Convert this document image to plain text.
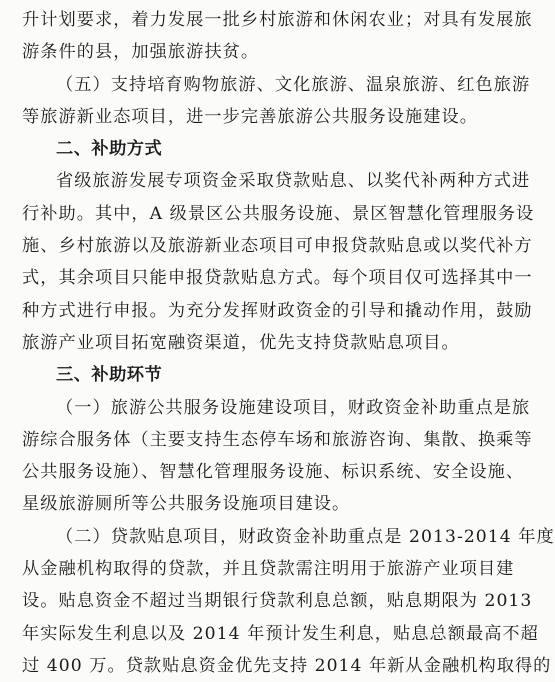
升计划要求，着力发展一批乡村旅游和休闲农业；对具有发展旅
游条件的县，加强旅游扶贫。
（五）支持培育购物旅游、文化旅游、温泉旅游、红色旅游
等旅游新业态项目，进一步完善旅游公共服务设施建设。
二、补助方式
省级旅游发展专项资金采取贷款贴息、以奖代补两种方式进
行补助。其中，A 级景区公共服务设施、景区智慧化管理服务设
施、乡村旅游以及旅游新业态项目可申报贷款贴息或以奖代补方
式，其余项目只能申报贷款贴息方式。每个项目仅可选择其中一
种方式进行申报。为充分发挥财政资金的引导和撬动作用，鼓励
旅游产业项目拓宽融资渠道，优先支持贷款贴息项目。
三、补助环节
（一）旅游公共服务设施建设项目，财政资金补助重点是旅
游综合服务体（主要支持生态停车场和旅游咨询、集散、换乘等
公共服务设施）、智慧化管理服务设施、标识系统、安全设施、
星级旅游厕所等公共服务设施项目建设。
（二）贷款贴息项目，财政资金补助重点是 2013-2014 年度
从金融机构取得的贷款，并且贷款需注明用于旅游产业项目建
设。贴息资金不超过当期银行贷款利息总额，贴息期限为 2013
年实际发生利息以及 2014 年预计发生利息，贴息总额最高不超
过 400 万。贷款贴息资金优先支持 2014 年新从金融机构取得的
